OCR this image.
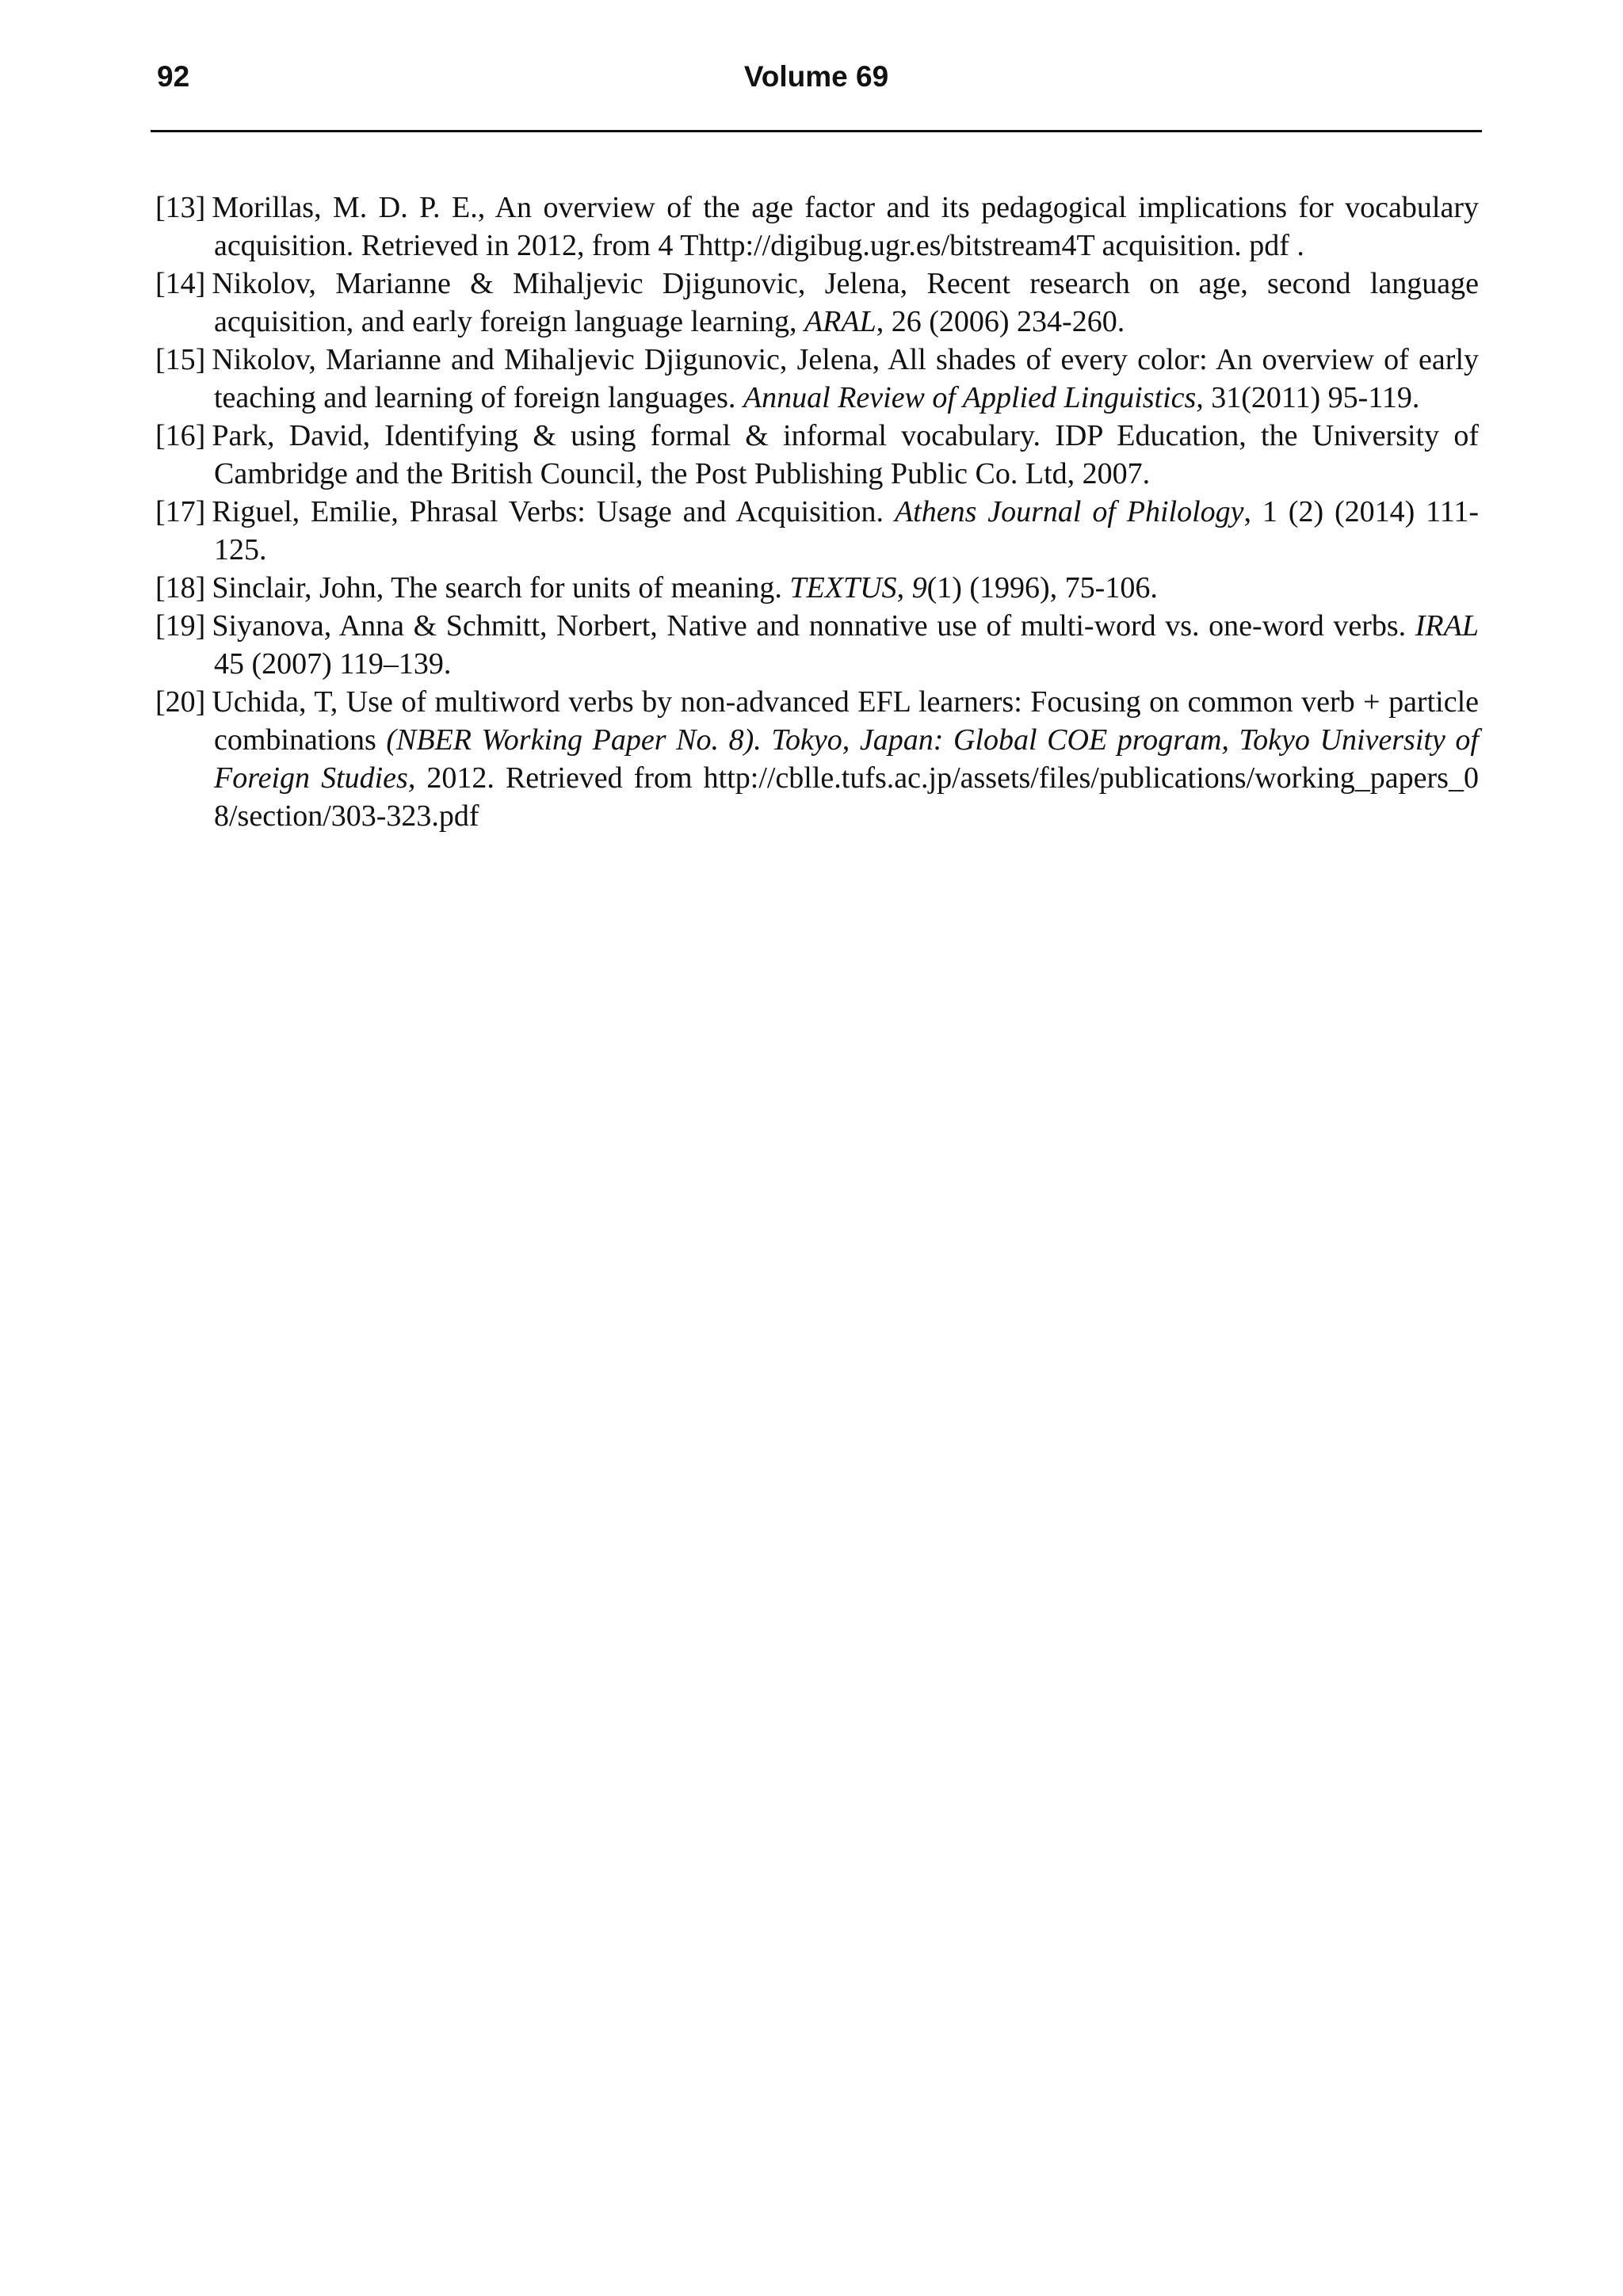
92	Volume 69
[13] Morillas, M. D. P. E., An overview of the age factor and its pedagogical implications for vocabulary acquisition. Retrieved in 2012, from 4 Thttp://digibug.ugr.es/bitstream4T acquisition. pdf .
[14] Nikolov, Marianne & Mihaljevic Djigunovic, Jelena, Recent research on age, second language acquisition, and early foreign language learning, ARAL, 26 (2006) 234-260.
[15] Nikolov, Marianne and Mihaljevic Djigunovic, Jelena, All shades of every color: An overview of early teaching and learning of foreign languages. Annual Review of Applied Linguistics, 31(2011) 95-119.
[16] Park, David, Identifying & using formal & informal vocabulary. IDP Education, the University of Cambridge and the British Council, the Post Publishing Public Co. Ltd, 2007.
[17] Riguel, Emilie, Phrasal Verbs: Usage and Acquisition. Athens Journal of Philology, 1 (2) (2014) 111-125.
[18] Sinclair, John, The search for units of meaning. TEXTUS, 9(1) (1996), 75-106.
[19] Siyanova, Anna & Schmitt, Norbert, Native and nonnative use of multi-word vs. one-word verbs. IRAL 45 (2007) 119–139.
[20] Uchida, T, Use of multiword verbs by non-advanced EFL learners: Focusing on common verb + particle combinations (NBER Working Paper No. 8). Tokyo, Japan: Global COE program, Tokyo University of Foreign Studies, 2012. Retrieved from http://cblle.tufs.ac.jp/assets/files/publications/working_papers_08/section/303-323.pdf
